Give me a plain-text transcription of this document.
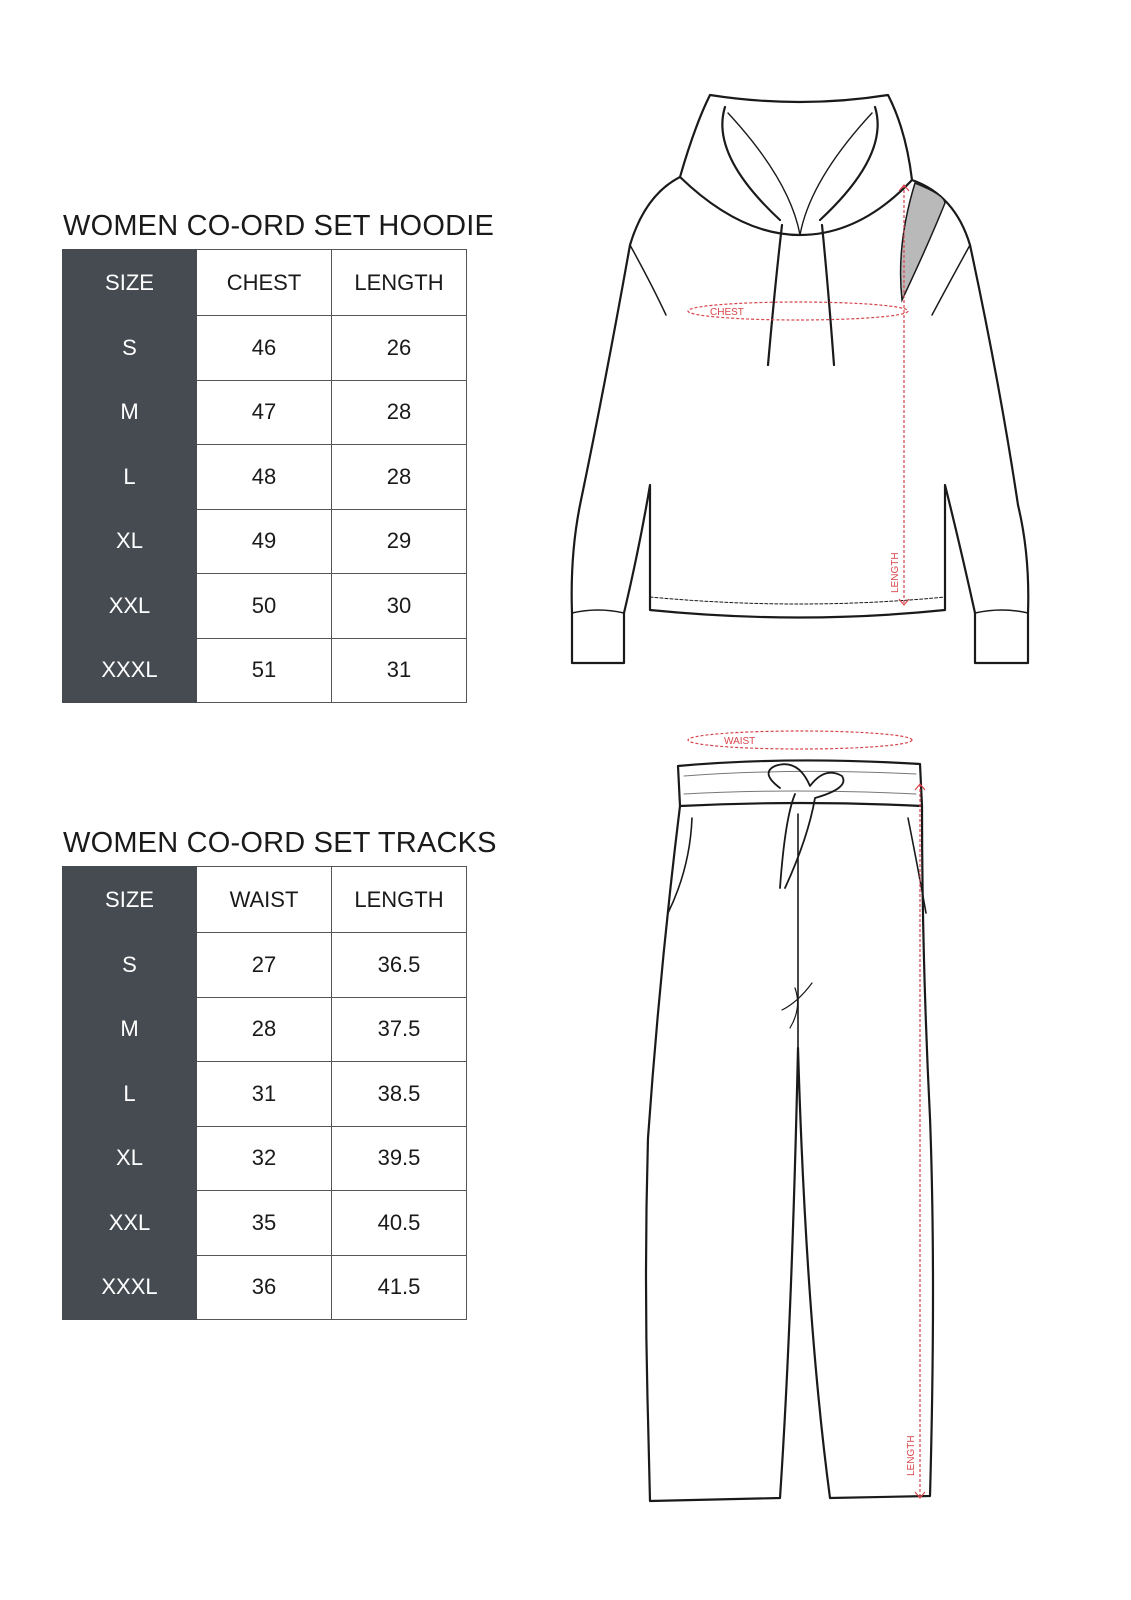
WOMEN CO-ORD SET HOODIE
SIZE	CHEST	LENGTH
S	46	26
M	47	28
L	48	28
XL	49	29
XXL	50	30
XXXL	51	31
WOMEN CO-ORD SET TRACKS
SIZE	WAIST	LENGTH
S	27	36.5
M	28	37.5
L	31	38.5
XL	32	39.5
XXL	35	40.5
XXXL	36	41.5
CHEST
LENGTH
WAIST
LENGTH
